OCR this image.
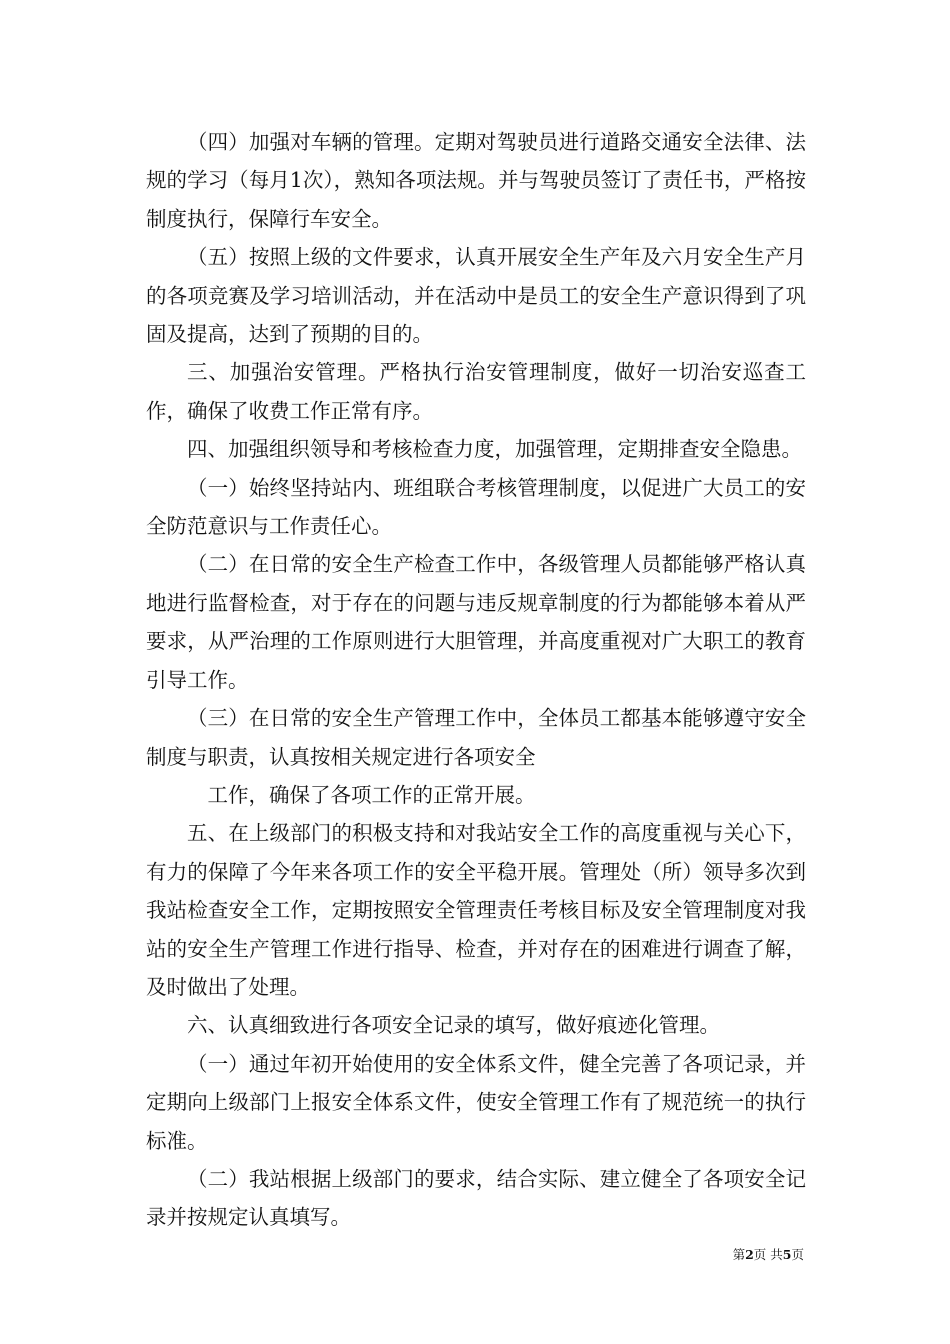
（四）加强对车辆的管理。定期对驾驶员进行道路交通安全法律、法规的学习（每月1次），熟知各项法规。并与驾驶员签订了责任书，严格按制度执行，保障行车安全。

（五）按照上级的文件要求，认真开展安全生产年及六月安全生产月的各项竞赛及学习培训活动，并在活动中是员工的安全生产意识得到了巩固及提高，达到了预期的目的。

三、加强治安管理。严格执行治安管理制度，做好一切治安巡查工作，确保了收费工作正常有序。

四、加强组织领导和考核检查力度，加强管理，定期排查安全隐患。

（一）始终坚持站内、班组联合考核管理制度，以促进广大员工的安全防范意识与工作责任心。

（二）在日常的安全生产检查工作中，各级管理人员都能够严格认真地进行监督检查，对于存在的问题与违反规章制度的行为都能够本着从严要求，从严治理的工作原则进行大胆管理，并高度重视对广大职工的教育引导工作。

（三）在日常的安全生产管理工作中，全体员工都基本能够遵守安全制度与职责，认真按相关规定进行各项安全

工作，确保了各项工作的正常开展。

五、在上级部门的积极支持和对我站安全工作的高度重视与关心下，有力的保障了今年来各项工作的安全平稳开展。管理处（所）领导多次到我站检查安全工作，定期按照安全管理责任考核目标及安全管理制度对我站的安全生产管理工作进行指导、检查，并对存在的困难进行调查了解，及时做出了处理。

六、认真细致进行各项安全记录的填写，做好痕迹化管理。

（一）通过年初开始使用的安全体系文件，健全完善了各项记录，并定期向上级部门上报安全体系文件，使安全管理工作有了规范统一的执行标准。

（二）我站根据上级部门的要求，结合实际、建立健全了各项安全记录并按规定认真填写。

第2页 共5页
